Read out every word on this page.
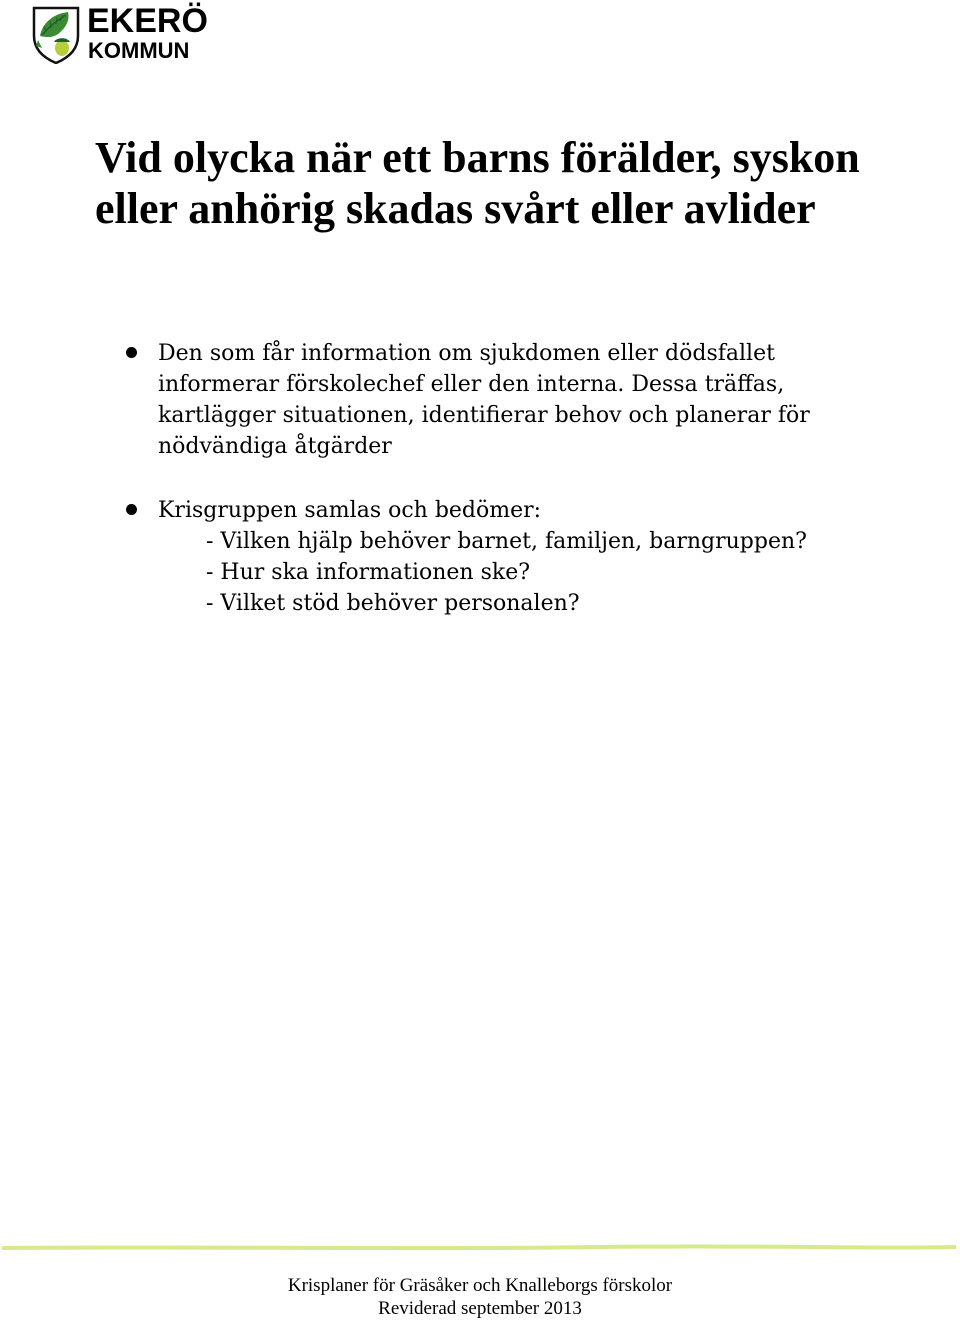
EKERÖ
KOMMUN
Vid olycka när ett barns förälder, syskon eller anhörig skadas svårt eller avlider
Den som får information om sjukdomen eller dödsfallet informerar förskolechef eller den interna. Dessa träffas, kartlägger situationen, identifierar behov och planerar för nödvändiga åtgärder
Krisgruppen samlas och bedömer:
- Vilken hjälp behöver barnet, familjen, barngruppen?
- Hur ska informationen ske?
- Vilket stöd behöver personalen?
Krisplaner för Gräsåker och Knalleborgs förskolor
Reviderad september 2013
